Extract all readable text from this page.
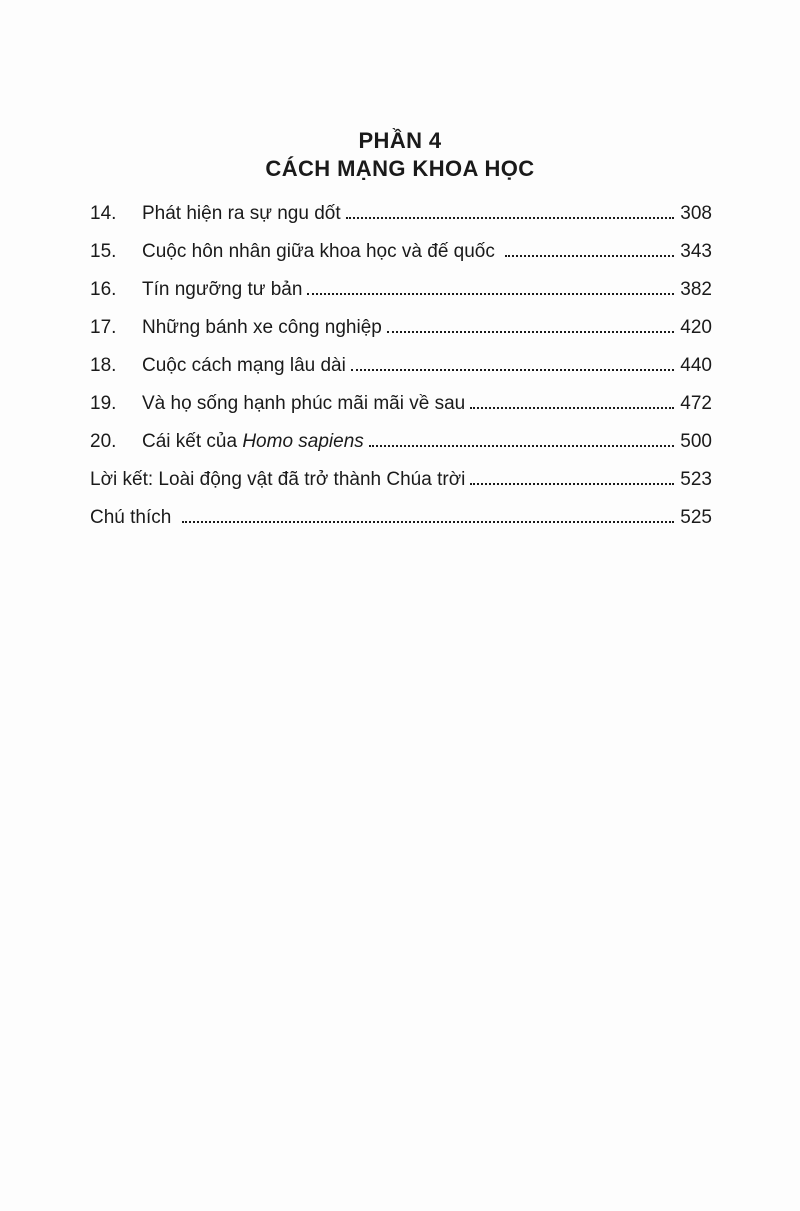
PHẦN 4
CÁCH MẠNG KHOA HỌC
14.	Phát hiện ra sự ngu dốt	308
15.	Cuộc hôn nhân giữa khoa học và đế quốc	343
16.	Tín ngưỡng tư bản	382
17.	Những bánh xe công nghiệp	420
18.	Cuộc cách mạng lâu dài	440
19.	Và họ sống hạnh phúc mãi mãi về sau	472
20.	Cái kết của Homo sapiens	500
Lời kết: Loài động vật đã trở thành Chúa trời	523
Chú thích	525
